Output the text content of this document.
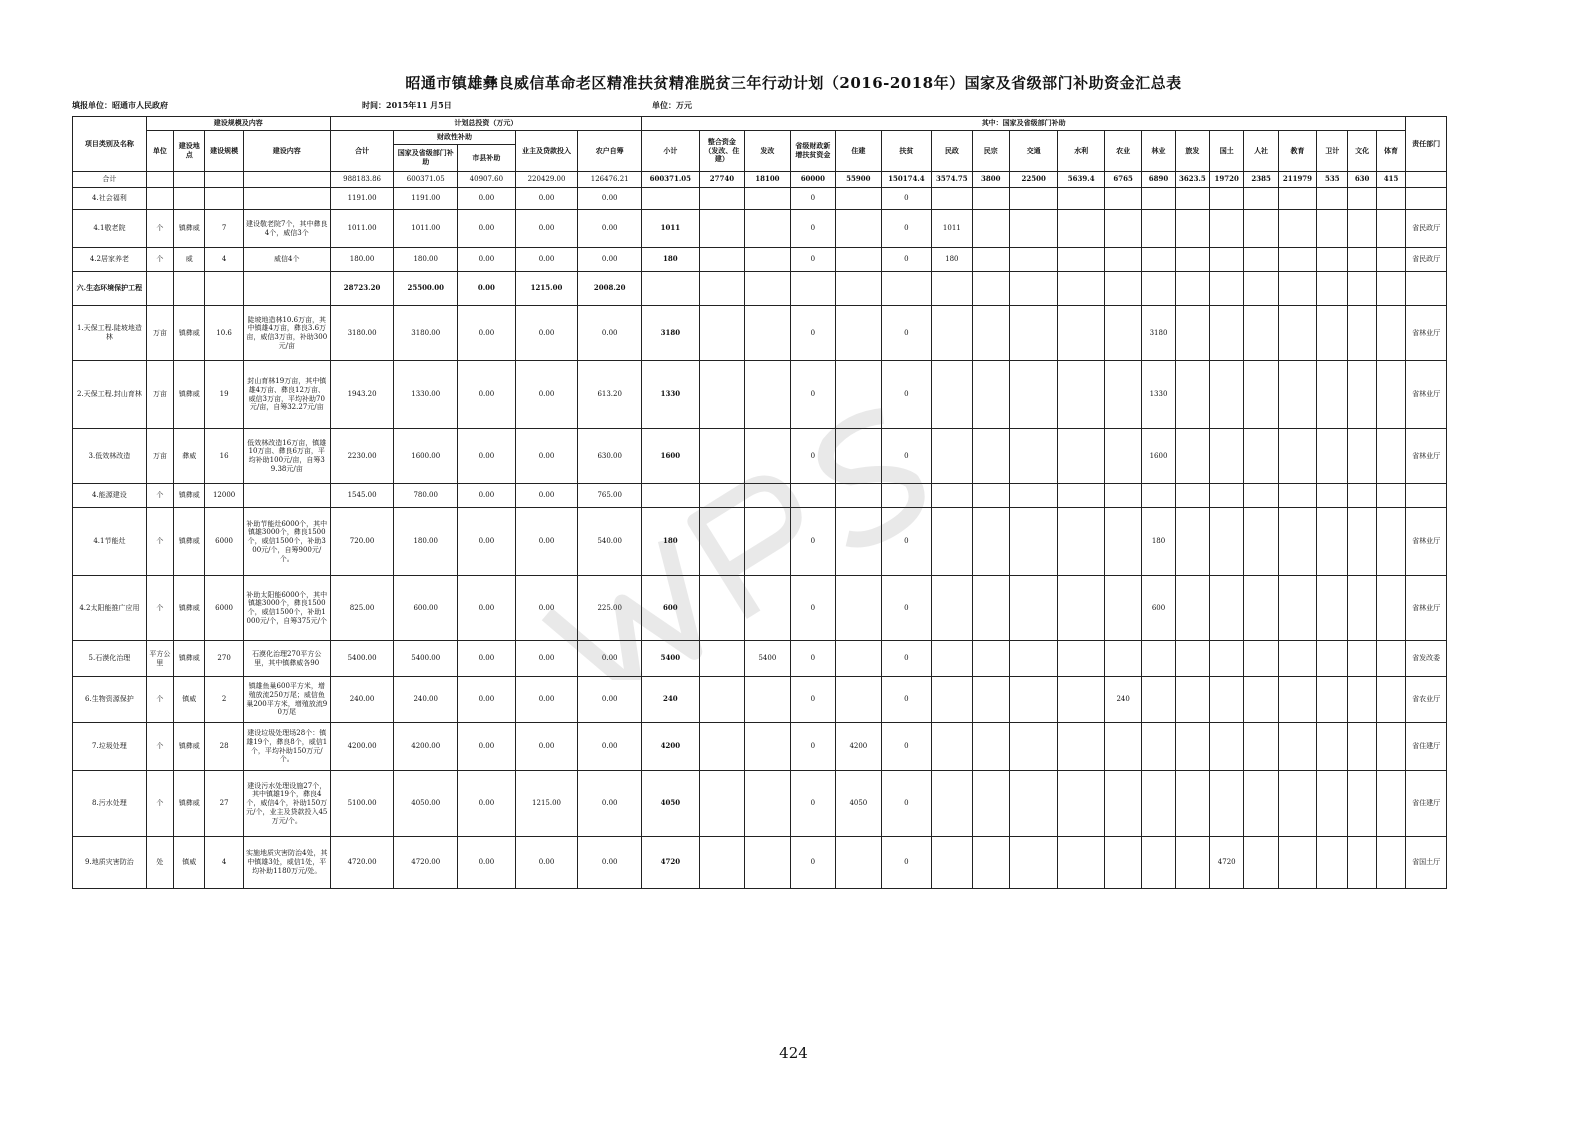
昭通市镇雄彝良威信革命老区精准扶贫精准脱贫三年行动计划（2016-2018年）国家及省级部门补助资金汇总表
填报单位：昭通市人民政府	时间：2015年11 月5日	单位：万元
项目类别及名称	建设规模及内容				计划总投资（万元）					其中：国家及省级部门补助																			责任部门
	单位	建设地点	建设规模	建设内容	合计	财政性补助		业主及贷款投入	农户自筹	小计	整合资金（发改、住建）	发改	省级财政新增扶贫资金	住建	扶贫	民政	民宗	交通	水利	农业	林业	旅发	国土	人社	教育	卫计	文化	体育	
						国家及省级部门补助	市县补助																						
合计					988183.86	600371.05	40907.60	220429.00	126476.21	600371.05	27740	18100	60000	55900	150174.4	3574.75	3800	22500	5639.4	6765	6890	3623.5	19720	2385	211979	535	630	415	
4.社会福利					1191.00	1191.00	0.00	0.00	0.00				0		0														
4.1敬老院	个	镇彝威	7	建设敬老院7个，其中彝良4个，威信3个	1011.00	1011.00	0.00	0.00	0.00	1011			0		0	1011													省民政厅
4.2居家养老	个	威	4	威信4个	180.00	180.00	0.00	0.00	0.00	180			0		0	180													省民政厅
六.生态环境保护工程					28723.20	25500.00	0.00	1215.00	2008.20																				
1.天保工程.陡坡地造林	万亩	镇彝威	10.6	陡坡地造林10.6万亩，其中镇雄4万亩，彝良3.6万亩，威信3万亩，补助300元/亩	3180.00	3180.00	0.00	0.00	0.00	3180			0		0						3180								省林业厅
2.天保工程.封山育林	万亩	镇彝威	19	封山育林19万亩，其中镇雄4万亩、彝良12万亩、威信3万亩，平均补助70元/亩，自筹32.27元/亩	1943.20	1330.00	0.00	0.00	613.20	1330			0		0						1330								省林业厅
3.低效林改造	万亩	彝威	16	低效林改造16万亩，镇雄10万亩、彝良6万亩，平均补助100元/亩，自筹39.38元/亩	2230.00	1600.00	0.00	0.00	630.00	1600			0		0						1600								省林业厅
4.能源建设	个	镇彝威	12000		1545.00	780.00	0.00	0.00	765.00																				
4.1节能灶	个	镇彝威	6000	补助节能灶6000个，其中镇雄3000个，彝良1500个，威信1500个，补助300元/个，自筹900元/个。	720.00	180.00	0.00	0.00	540.00	180			0		0						180								省林业厅
4.2太阳能推广应用	个	镇彝威	6000	补助太阳能6000个，其中镇雄3000个，彝良1500个，威信1500个，补助1000元/个，自筹375元/个	825.00	600.00	0.00	0.00	225.00	600			0		0						600								省林业厅
5.石漠化治理	平方公里	镇彝威	270	石漠化治理270平方公里，其中镇彝威各90	5400.00	5400.00	0.00	0.00	0.00	5400		5400	0		0														省发改委
6.生物资源保护	个	镇威	2	镇雄鱼巢600平方米，增殖放流250万尾；威信鱼巢200平方米，增殖放流90万尾	240.00	240.00	0.00	0.00	0.00	240			0		0					240									省农业厅
7.垃圾处理	个	镇彝威	28	建设垃圾处理场28个：镇雄19个，彝良8个，威信1个，平均补助150万元/个。	4200.00	4200.00	0.00	0.00	0.00	4200			0	4200	0														省住建厅
8.污水处理	个	镇彝威	27	建设污水处理设施27个，其中镇雄19个，彝良4个，威信4个，补助150万元/个，业主及贷款投入45万元/个。	5100.00	4050.00	0.00	1215.00	0.00	4050			0	4050	0														省住建厅
9.地质灾害防治	处	镇威	4	实施地质灾害防治4处，其中镇雄3处，威信1处，平均补助1180万元/处。	4720.00	4720.00	0.00	0.00	0.00	4720			0		0								4720						省国土厅
424
